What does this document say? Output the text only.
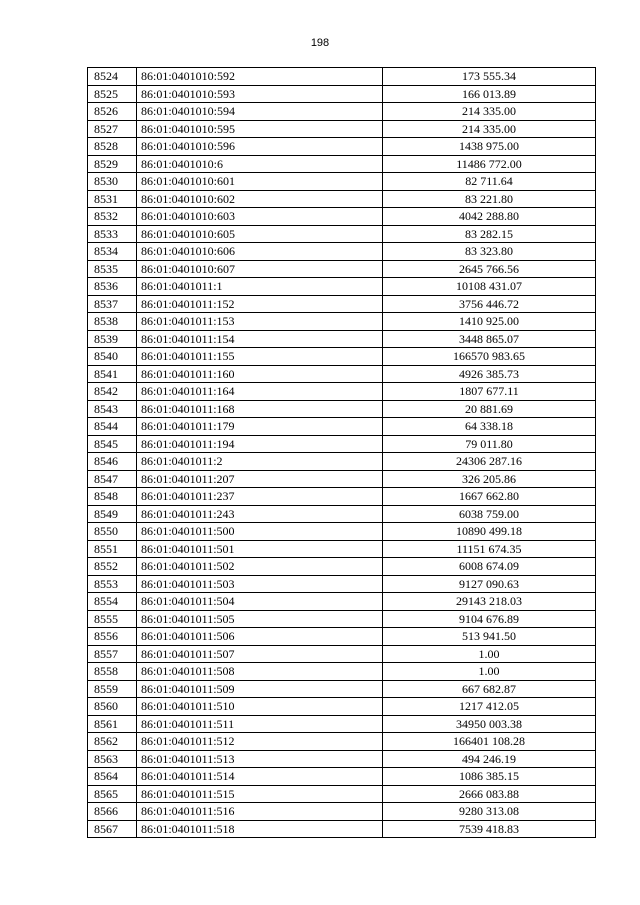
198
8524	86:01:0401010:592	173 555.34
8525	86:01:0401010:593	166 013.89
8526	86:01:0401010:594	214 335.00
8527	86:01:0401010:595	214 335.00
8528	86:01:0401010:596	1438 975.00
8529	86:01:0401010:6	11486 772.00
8530	86:01:0401010:601	82 711.64
8531	86:01:0401010:602	83 221.80
8532	86:01:0401010:603	4042 288.80
8533	86:01:0401010:605	83 282.15
8534	86:01:0401010:606	83 323.80
8535	86:01:0401010:607	2645 766.56
8536	86:01:0401011:1	10108 431.07
8537	86:01:0401011:152	3756 446.72
8538	86:01:0401011:153	1410 925.00
8539	86:01:0401011:154	3448 865.07
8540	86:01:0401011:155	166570 983.65
8541	86:01:0401011:160	4926 385.73
8542	86:01:0401011:164	1807 677.11
8543	86:01:0401011:168	20 881.69
8544	86:01:0401011:179	64 338.18
8545	86:01:0401011:194	79 011.80
8546	86:01:0401011:2	24306 287.16
8547	86:01:0401011:207	326 205.86
8548	86:01:0401011:237	1667 662.80
8549	86:01:0401011:243	6038 759.00
8550	86:01:0401011:500	10890 499.18
8551	86:01:0401011:501	11151 674.35
8552	86:01:0401011:502	6008 674.09
8553	86:01:0401011:503	9127 090.63
8554	86:01:0401011:504	29143 218.03
8555	86:01:0401011:505	9104 676.89
8556	86:01:0401011:506	513 941.50
8557	86:01:0401011:507	1.00
8558	86:01:0401011:508	1.00
8559	86:01:0401011:509	667 682.87
8560	86:01:0401011:510	1217 412.05
8561	86:01:0401011:511	34950 003.38
8562	86:01:0401011:512	166401 108.28
8563	86:01:0401011:513	494 246.19
8564	86:01:0401011:514	1086 385.15
8565	86:01:0401011:515	2666 083.88
8566	86:01:0401011:516	9280 313.08
8567	86:01:0401011:518	7539 418.83
